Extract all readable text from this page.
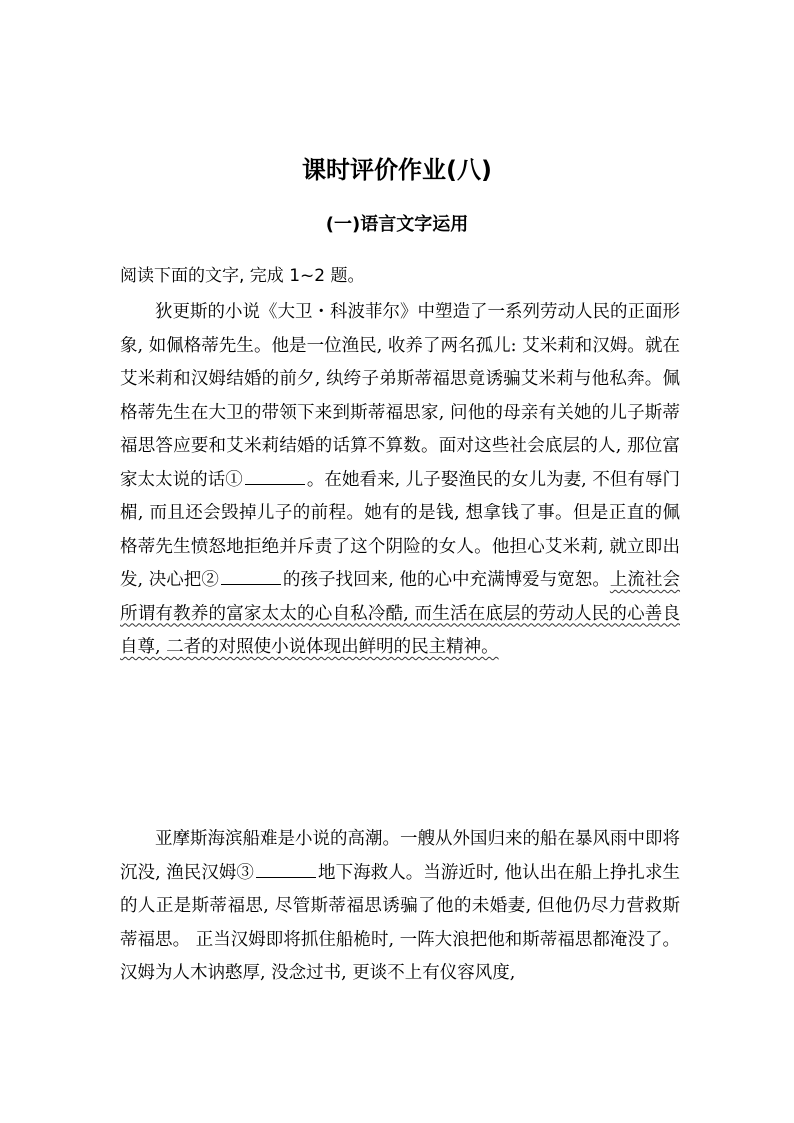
课时评价作业(八)
(一)语言文字运用
阅读下面的文字, 完成 1~2 题。

狄更斯的小说《大卫・科波菲尔》中塑造了一系列劳动人民的正面形象, 如佩格蒂先生。他是一位渔民, 收养了两名孤儿: 艾米莉和汉姆。就在艾米莉和汉姆结婚的前夕, 纨绔子弟斯蒂福思竟诱骗艾米莉与他私奔。佩格蒂先生在大卫的带领下来到斯蒂福思家, 问他的母亲有关她的儿子斯蒂福思答应要和艾米莉结婚的话算不算数。面对这些社会底层的人, 那位富家太太说的话①	。在她看来, 儿子娶渔民的女儿为妻, 不但有辱门楣, 而且还会毁掉儿子的前程。她有的是钱, 想拿钱了事。但是正直的佩格蒂先生愤怒地拒绝并斥责了这个阴险的女人。他担心艾米莉, 就立即出发, 决心把②	的孩子找回来, 他的心中充满博爱与宽恕。上流社会所谓有教养的富家太太的心自私冷酷, 而生活在底层的劳动人民的心善良自尊, 二者的对照使小说体现出鲜明的民主精神。

亚摩斯海滨船难是小说的高潮。一艘从外国归来的船在暴风雨中即将沉没, 渔民汉姆③	地下海救人。当游近时, 他认出在船上挣扎求生的人正是斯蒂福思, 尽管斯蒂福思诱骗了他的未婚妻, 但他仍尽力营救斯蒂福思。 正当汉姆即将抓住船桅时, 一阵大浪把他和斯蒂福思都淹没了。汉姆为人木讷憨厚, 没念过书, 更谈不上有仪容风度,
